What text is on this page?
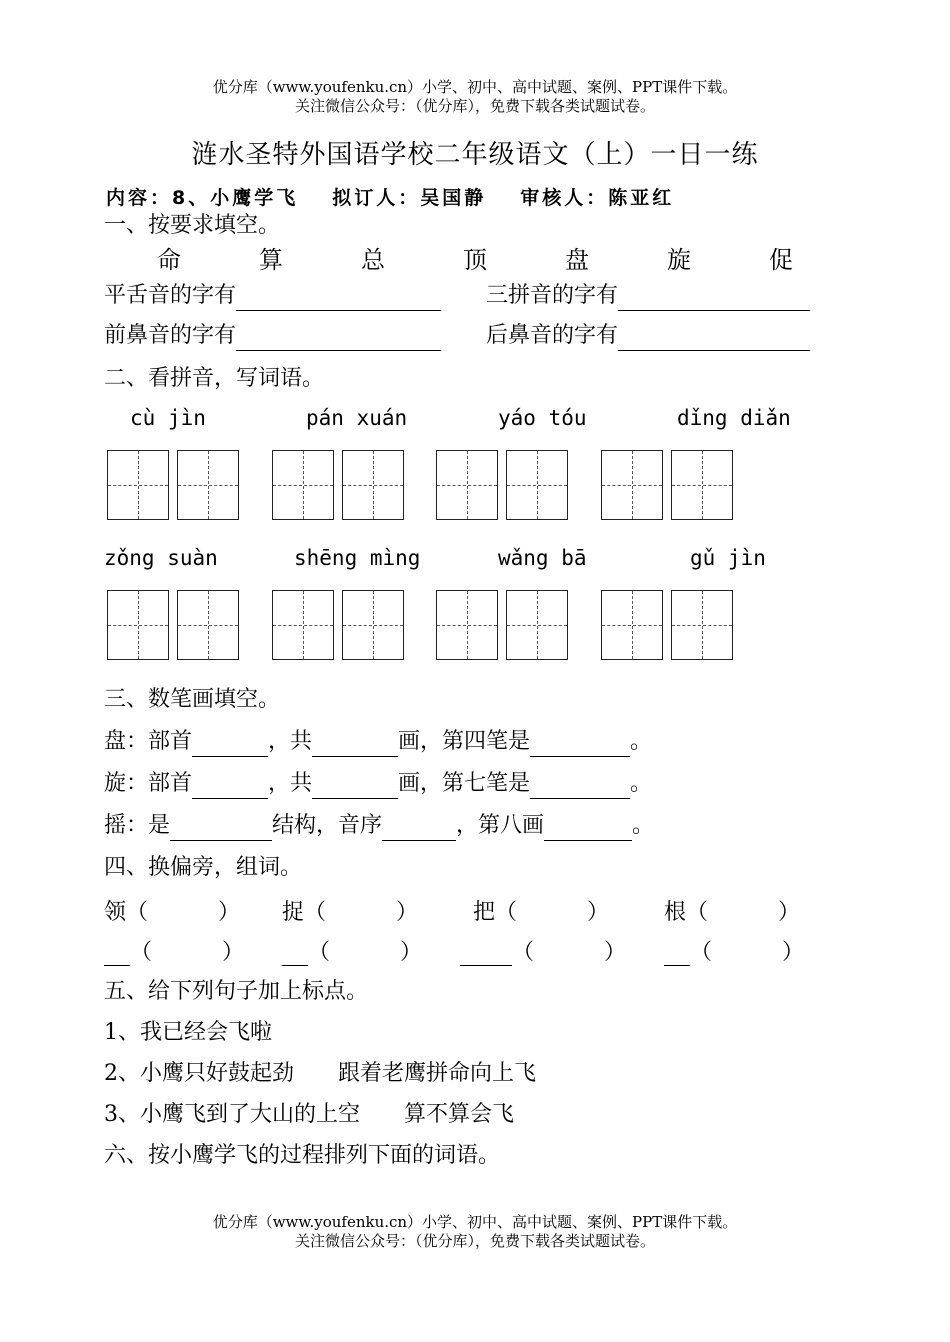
优分库（www.youfenku.cn）小学、初中、高中试题、案例、PPT课件下载。
关注微信公众号：（优分库），免费下载各类试题试卷。
涟水圣特外国语学校二年级语文（上）一日一练
内容：8、小鹰学飞 拟订人：吴国静 审核人：陈亚红
一、按要求填空。
命	算	总	顶	盘	旋	促
平舌音的字有	三拼音的字有
前鼻音的字有	后鼻音的字有
二、看拼音，写词语。
cù jìn	pán xuán	yáo tóu	dǐng diǎn
zǒng suàn	shēng mìng	wǎng bā	gǔ jìn
三、数笔画填空。
盘：部首	，共	画，第四笔是	。
旋：部首	，共	画，第七笔是	。
摇：是	结构，音序	，第八画	。
四、换偏旁，组词。
领（	） 捉（	） 把（	） 根（	）
（	）	（	）	（	）	（	）
五、给下列句子加上标点。
1、我已经会飞啦
2、小鹰只好鼓起劲　　跟着老鹰拼命向上飞
3、小鹰飞到了大山的上空　　算不算会飞
六、按小鹰学飞的过程排列下面的词语。
优分库（www.youfenku.cn）小学、初中、高中试题、案例、PPT课件下载。
关注微信公众号：（优分库），免费下载各类试题试卷。
